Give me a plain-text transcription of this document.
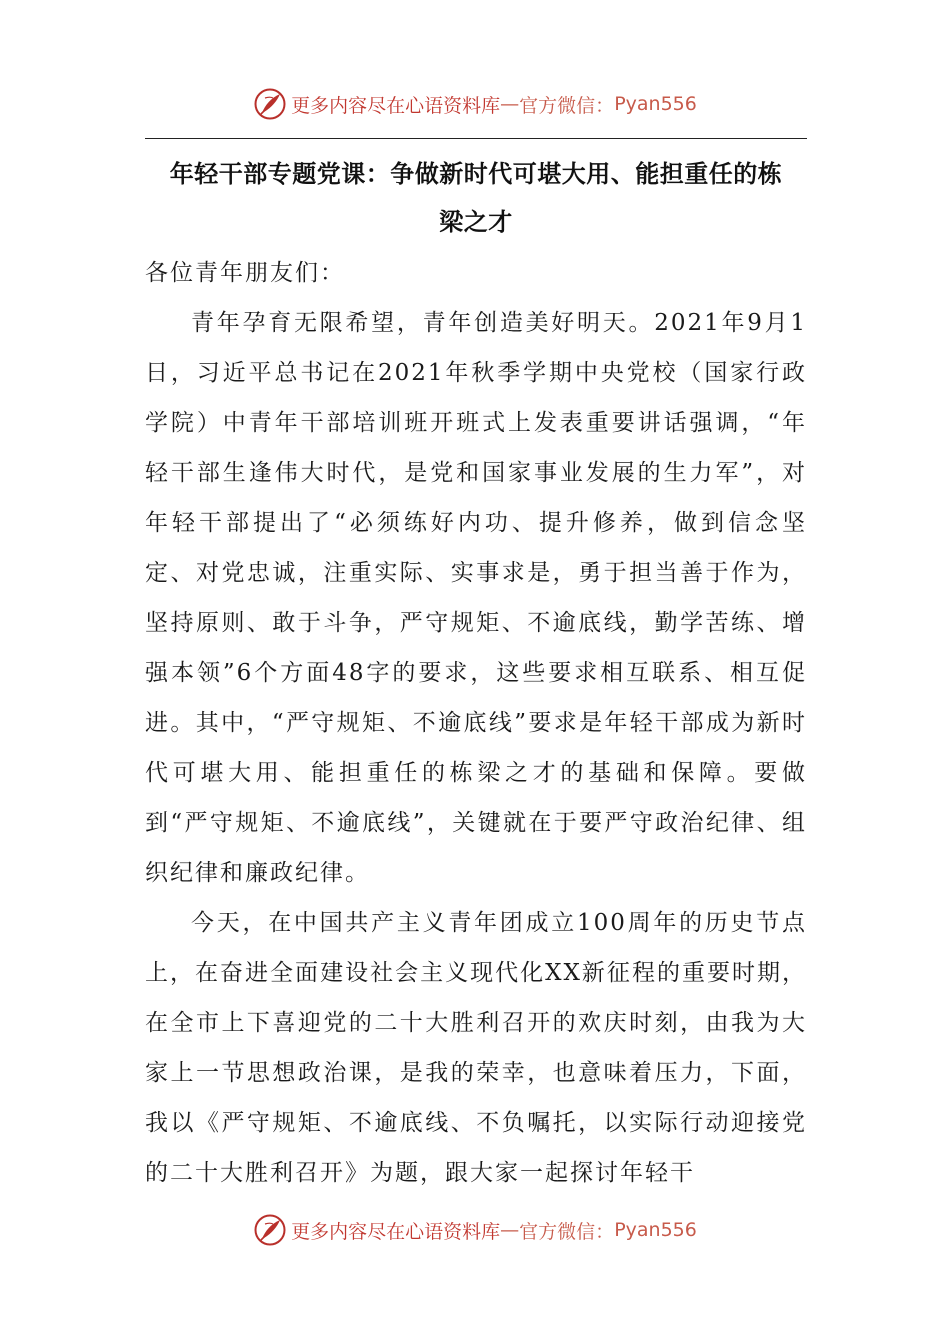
更多内容尽在心语资料库 — 官方微信： Pyan556
年轻干部专题党课：争做新时代可堪大用、能担重任的栋
梁之才

各位青年朋友们：

青年孕育无限希望，青年创造美好明天。2021年9月1日，习近平总书记在2021年秋季学期中央党校（国家行政学院）中青年干部培训班开班式上发表重要讲话强调，“年轻干部生逢伟大时代，是党和国家事业发展的生力军”，对年轻干部提出了“必须练好内功、提升修养，做到信念坚定、对党忠诚，注重实际、实事求是，勇于担当善于作为，坚持原则、敢于斗争，严守规矩、不逾底线，勤学苦练、增强本领”6个方面48字的要求，这些要求相互联系、相互促进。其中，“严守规矩、不逾底线”要求是年轻干部成为新时代可堪大用、能担重任的栋梁之才的基础和保障。要做到“严守规矩、不逾底线”，关键就在于要严守政治纪律、组织纪律和廉政纪律。

今天，在中国共产主义青年团成立100周年的历史节点上，在奋进全面建设社会主义现代化XX新征程的重要时期，在全市上下喜迎党的二十大胜利召开的欢庆时刻，由我为大家上一节思想政治课，是我的荣幸，也意味着压力，下面，我以《严守规矩、不逾底线、不负嘱托，以实际行动迎接党的二十大胜利召开》为题，跟大家一起探讨年轻干

更多内容尽在心语资料库 — 官方微信： Pyan556
